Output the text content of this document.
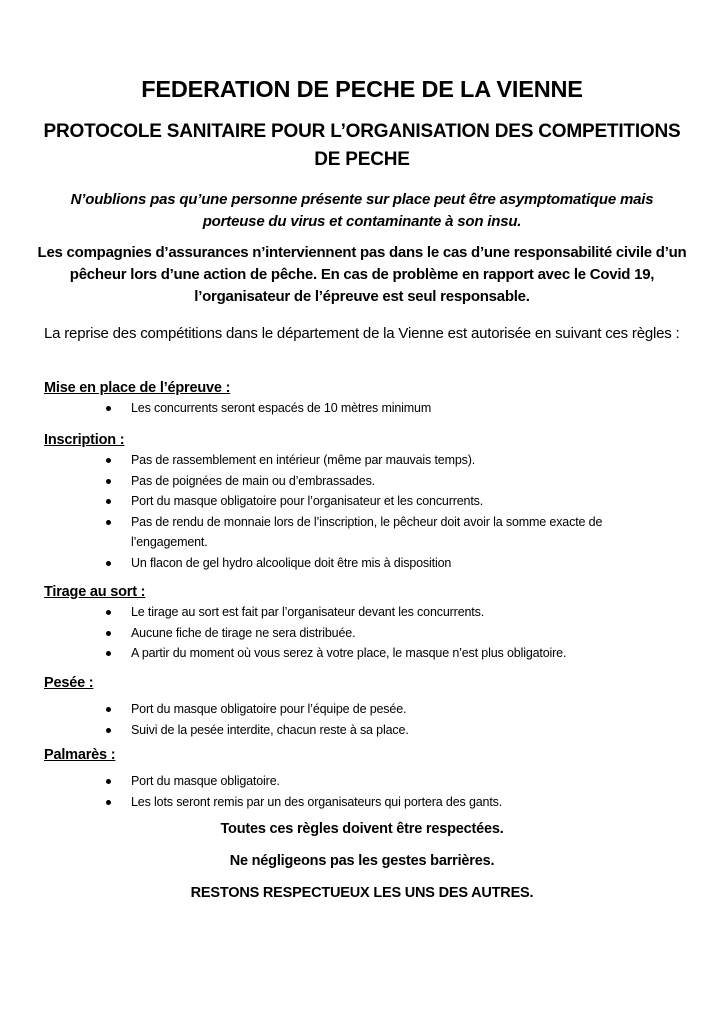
FEDERATION DE PECHE DE LA VIENNE
PROTOCOLE SANITAIRE POUR L’ORGANISATION DES COMPETITIONS DE PECHE
N’oublions pas qu’une personne présente sur place peut être asymptomatique mais porteuse du virus et contaminante à son insu.
Les compagnies d’assurances n’interviennent pas dans le cas d’une responsabilité civile d’un pêcheur lors d’une action de pêche. En cas de problème en rapport avec le Covid 19, l’organisateur de l’épreuve est seul responsable.
La reprise des compétitions dans le département de la Vienne est autorisée en suivant ces règles :
Mise en place de l’épreuve :
Les concurrents seront espacés de 10 mètres minimum
Inscription :
Pas de rassemblement en intérieur (même par mauvais temps).
Pas de poignées de main ou d’embrassades.
Port du masque obligatoire pour l’organisateur et les concurrents.
Pas de rendu de monnaie lors de l’inscription, le pêcheur doit avoir la somme exacte de l’engagement.
Un flacon de gel hydro alcoolique doit être mis à disposition
Tirage au sort :
Le tirage au sort est fait par l’organisateur devant les concurrents.
Aucune fiche de tirage ne sera distribuée.
A partir du moment où vous serez à votre place, le masque n’est plus obligatoire.
Pesée :
Port du masque obligatoire pour l’équipe de pesée.
Suivi de la pesée interdite, chacun reste à sa place.
Palmarès :
Port du masque obligatoire.
Les lots seront remis par un des organisateurs qui portera des gants.
Toutes ces règles doivent être respectées.
Ne négligeons pas les gestes barrières.
RESTONS RESPECTUEUX LES UNS DES AUTRES.
